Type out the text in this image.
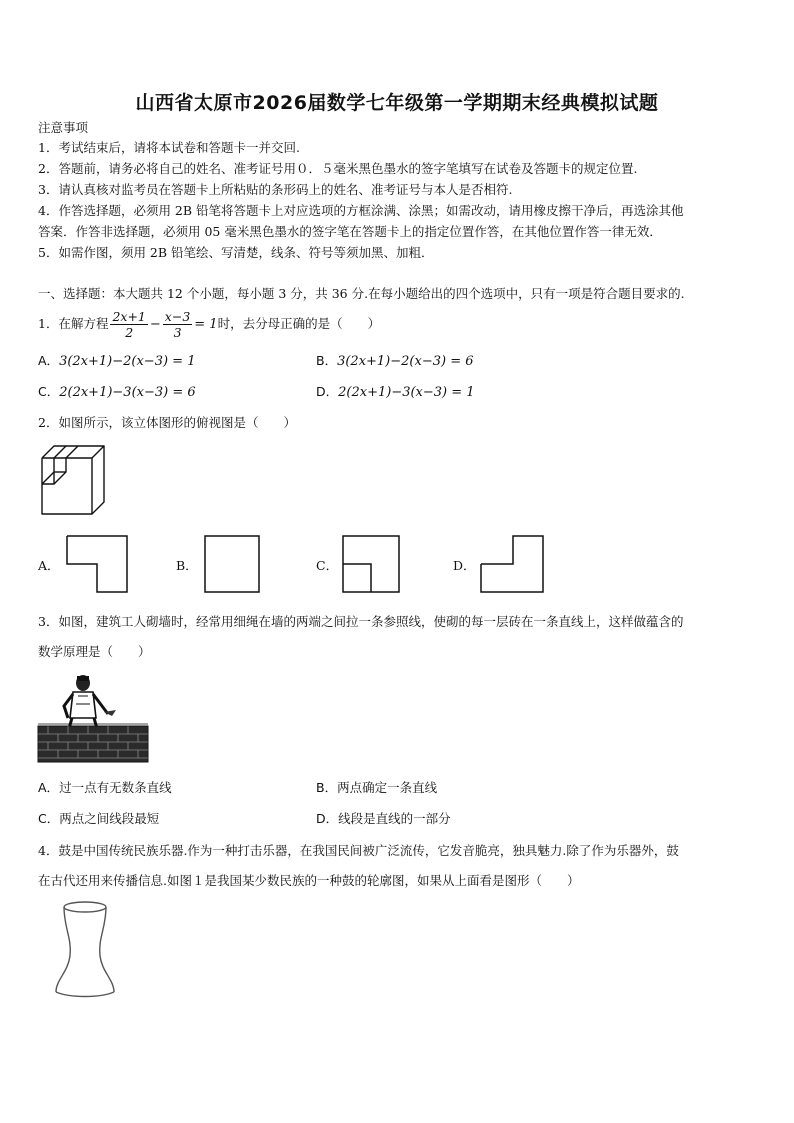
山西省太原市2026届数学七年级第一学期期末经典模拟试题
注意事项
1．考试结束后，请将本试卷和答题卡一并交回.
2．答题前，请务必将自己的姓名、准考证号用０．５毫米黑色墨水的签字笔填写在试卷及答题卡的规定位置.
3．请认真核对监考员在答题卡上所粘贴的条形码上的姓名、准考证号与本人是否相符.
4．作答选择题，必须用 2B 铅笔将答题卡上对应选项的方框涂满、涂黑；如需改动，请用橡皮擦干净后，再选涂其他
答案．作答非选择题，必须用 05 毫米黑色墨水的签字笔在答题卡上的指定位置作答，在其他位置作答一律无效．
5．如需作图，须用 2B 铅笔绘、写清楚，线条、符号等须加黑、加粗．
一、选择题：本大题共 12 个小题，每小题 3 分，共 36 分.在每小题给出的四个选项中，只有一项是符合题目要求的.
1．在解方程 $\frac{2x+1}{2} - \frac{x-3}{3} = 1$时，去分母正确的是（　　）
A．3(2x+1)−2(x−3) = 1	B．3(2x+1)−2(x−3) = 6
C．2(2x+1)−3(x−3) = 6	D．2(2x+1)−3(x−3) = 1
2．如图所示，该立体图形的俯视图是（　　）
A．	B．	C．	D．
3．如图，建筑工人砌墙时，经常用细绳在墙的两端之间拉一条参照线，使砌的每一层砖在一条直线上，这样做蕴含的
数学原理是（　　）
A．过一点有无数条直线	B．两点确定一条直线
C．两点之间线段最短	D．线段是直线的一部分
4．鼓是中国传统民族乐器.作为一种打击乐器，在我国民间被广泛流传，它发音脆亮，独具魅力.除了作为乐器外，鼓
在古代还用来传播信息.如图１是我国某少数民族的一种鼓的轮廓图，如果从上面看是图形（　　）
